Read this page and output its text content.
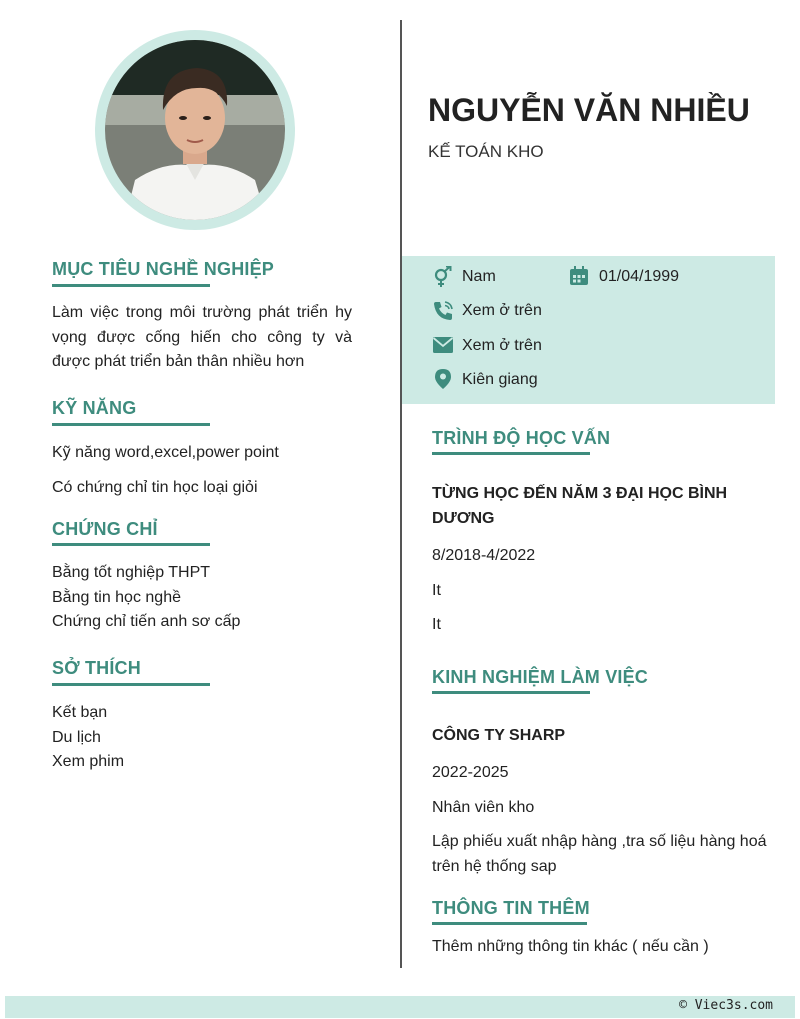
MỤC TIÊU NGHỀ NGHIỆP
Làm việc trong môi trường phát triển hy vọng được cống hiến cho công ty và được phát triển bản thân nhiều hơn
KỸ NĂNG
Kỹ năng word,excel,power point
Có chứng chỉ tin học loại giỏi
CHỨNG CHỈ
Bằng tốt nghiệp THPT
Bằng tin học nghề
Chứng chỉ tiến anh sơ cấp
SỞ THÍCH
Kết bạn
Du lịch
Xem phim
NGUYỄN VĂN NHIỀU
KẾ TOÁN KHO
Nam	01/04/1999
Xem ở trên
Xem ở trên
Kiên giang
TRÌNH ĐỘ HỌC VẤN
TỪNG HỌC ĐẾN NĂM 3 ĐẠI HỌC BÌNH
DƯƠNG
8/2018-4/2022
It
It
KINH NGHIỆM LÀM VIỆC
CÔNG TY SHARP
2022-2025
Nhân viên kho
Lập phiếu xuất nhập hàng ,tra số liệu hàng hoá trên hệ thống sap
THÔNG TIN THÊM
Thêm những thông tin khác ( nếu cần )
© Viec3s.com
